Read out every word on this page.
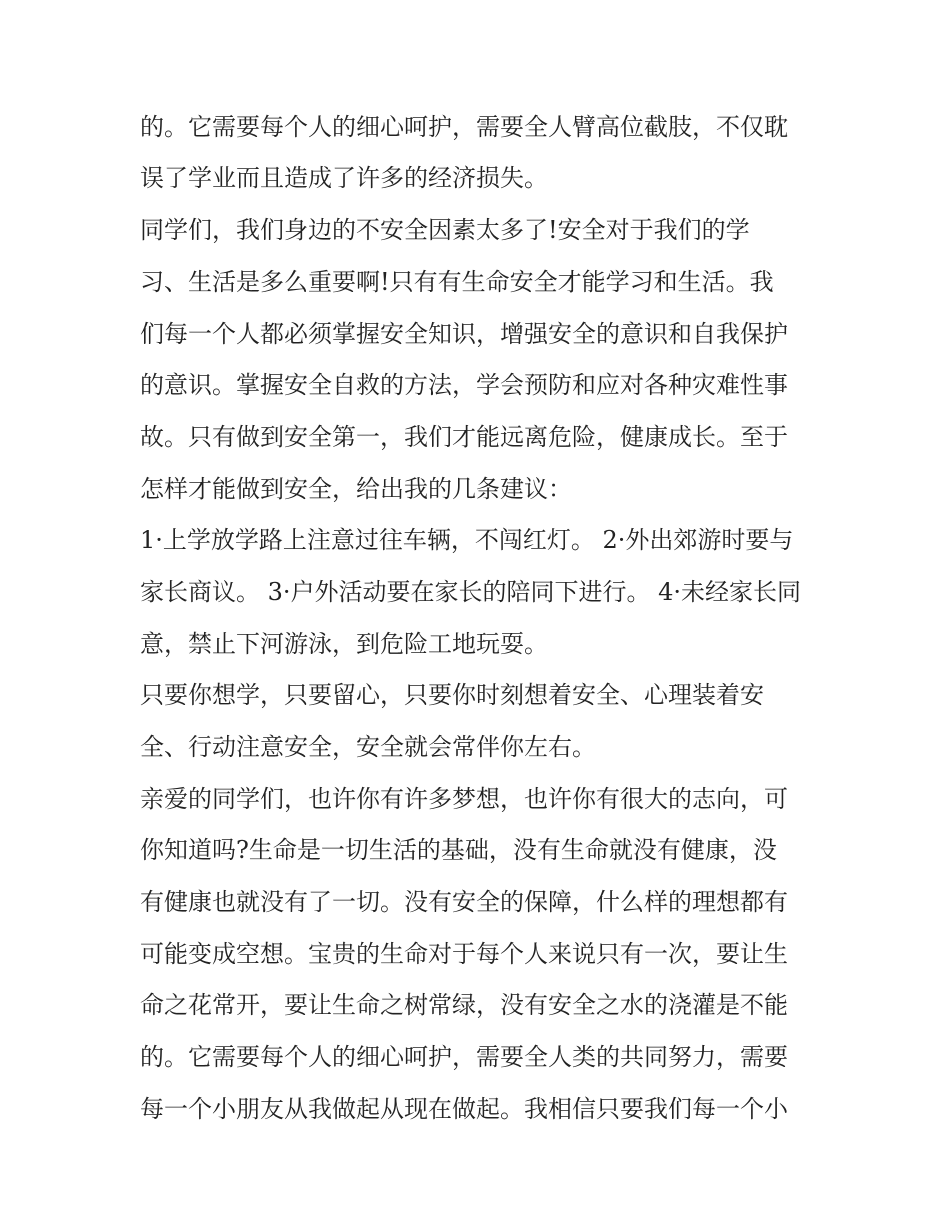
的。它需要每个人的细心呵护，需要全人臂高位截肢，不仅耽
误了学业而且造成了许多的经济损失。
同学们，我们身边的不安全因素太多了!安全对于我们的学
习、生活是多么重要啊!只有有生命安全才能学习和生活。我
们每一个人都必须掌握安全知识，增强安全的意识和自我保护
的意识。掌握安全自救的方法，学会预防和应对各种灾难性事
故。只有做到安全第一，我们才能远离危险，健康成长。至于
怎样才能做到安全，给出我的几条建议：
1·上学放学路上注意过往车辆，不闯红灯。 2·外出郊游时要与
家长商议。 3·户外活动要在家长的陪同下进行。 4·未经家长同
意，禁止下河游泳，到危险工地玩耍。
只要你想学，只要留心，只要你时刻想着安全、心理装着安
全、行动注意安全，安全就会常伴你左右。
亲爱的同学们，也许你有许多梦想，也许你有很大的志向，可
你知道吗?生命是一切生活的基础，没有生命就没有健康，没
有健康也就没有了一切。没有安全的保障，什么样的理想都有
可能变成空想。宝贵的生命对于每个人来说只有一次，要让生
命之花常开，要让生命之树常绿，没有安全之水的浇灌是不能
的。它需要每个人的细心呵护，需要全人类的共同努力，需要
每一个小朋友从我做起从现在做起。我相信只要我们每一个小
